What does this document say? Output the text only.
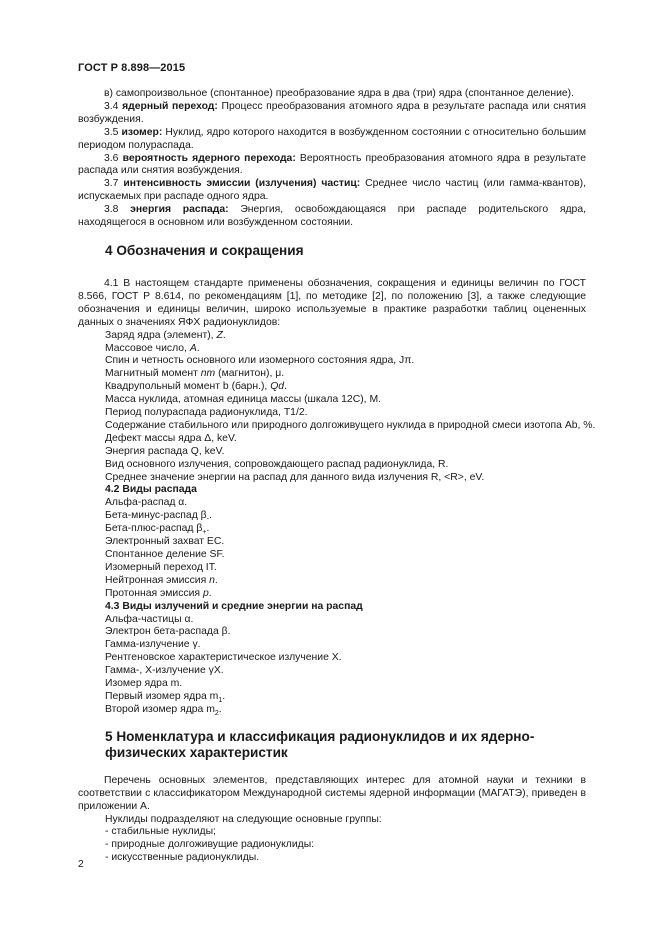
ГОСТ Р 8.898—2015

в) самопроизвольное (спонтанное) преобразование ядра в два (три) ядра (спонтанное деление).

3.4 ядерный переход: Процесс преобразования атомного ядра в результате распада или снятия возбуждения.

3.5 изомер: Нуклид, ядро которого находится в возбужденном состоянии с относительно большим периодом полураспада.

3.6 вероятность ядерного перехода: Вероятность преобразования атомного ядра в результате распада или снятия возбуждения.

3.7 интенсивность эмиссии (излучения) частиц: Среднее число частиц (или гамма-квантов), испускаемых при распаде одного ядра.

3.8 энергия распада: Энергия, освобождающаяся при распаде родительского ядра, находящегося в основном или возбужденном состоянии.

4 Обозначения и сокращения

4.1 В настоящем стандарте применены обозначения, сокращения и единицы величин по ГОСТ 8.566, ГОСТ Р 8.614, по рекомендациям [1], по методике [2], по положению [3], а также следующие обозначения и единицы величин, широко используемые в практике разработки таблиц оцененных данных о значениях ЯФХ радионуклидов:

Заряд ядра (элемент), Z.
Массовое число, А.
Спин и четность основного или изомерного состояния ядра, Jπ.
Магнитный момент nm (магнитон), μ.
Квадрупольный момент b (барн.), Qd.
Масса нуклида, атомная единица массы (шкала 12С), М.
Период полураспада радионуклида, Т1/2.
Содержание стабильного или природного долгоживущего нуклида в природной смеси изотопа Ab, %.
Дефект массы ядра Δ, keV.
Энергия распада Q, keV.
Вид основного излучения, сопровождающего распад радионуклида, R.
Среднее значение энергии на распад для данного вида излучения R, <R>, eV.
4.2 Виды распада
Альфа-распад α.
Бета-минус-распад $\beta_-$.
Бета-плюс-распад $\beta_+$.
Электронный захват ЕС.
Спонтанное деление SF.
Изомерный переход IT.
Нейтронная эмиссия n.
Протонная эмиссия р.
4.3 Виды излучений и средние энергии на распад
Альфа-частицы α.
Электрон бета-распада β.
Гамма-излучение γ.
Рентгеновское характеристическое излучение X.
Гамма-, X-излучение γX.
Изомер ядра m.
Первый изомер ядра $m_1$.
Второй изомер ядра $m_2$.
5 Номенклатура и классификация радионуклидов и их ядерно-физических характеристик

Перечень основных элементов, представляющих интерес для атомной науки и техники в соответствии с классификатором Международной системы ядерной информации (МАГАТЭ), приведен в приложении А.

Нуклиды подразделяют на следующие основные группы:
- стабильные нуклиды;
- природные долгоживущие радионуклиды:
- искусственные радионуклиды.
2
